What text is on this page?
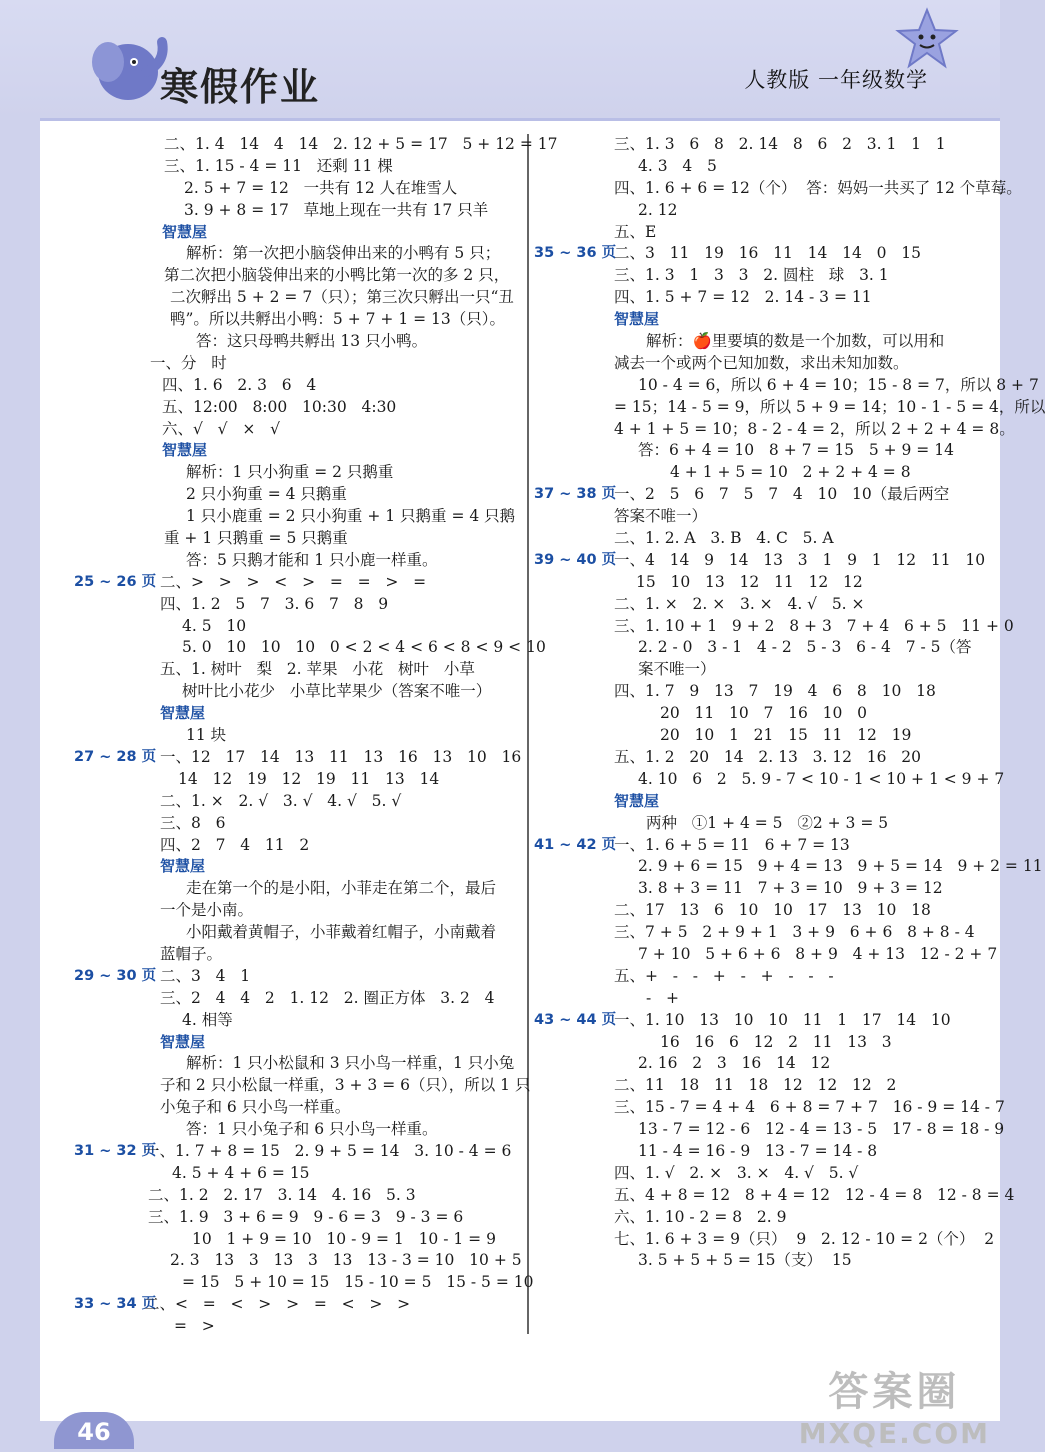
寒假作业	人教版 一年级数学
二、1. 4   14   4   14   2. 12 + 5 = 17   5 + 12 = 17
三、1. 15 - 4 = 11   还剩 11 棵
2. 5 + 7 = 12   一共有 12 人在堆雪人
3. 9 + 8 = 17   草地上现在一共有 17 只羊
智慧屋
解析：第一次把小脑袋伸出来的小鸭有 5 只；
第二次把小脑袋伸出来的小鸭比第一次的多 2 只，
二次孵出 5 + 2 = 7（只）；第三次只孵出一只“丑
鸭”。所以共孵出小鸭：5 + 7 + 1 = 13（只）。
答：这只母鸭共孵出 13 只小鸭。
一、分   时
四、1. 6   2. 3   6   4
五、12:00   8:00   10:30   4:30
六、√   √   ×   √
智慧屋
解析：1 只小狗重 = 2 只鹅重
2 只小狗重 = 4 只鹅重
1 只小鹿重 = 2 只小狗重 + 1 只鹅重 = 4 只鹅
重 + 1 只鹅重 = 5 只鹅重
答：5 只鹅才能和 1 只小鹿一样重。
25 ~ 26 页 二、>   >   >   <   >   =   =   >   =
四、1. 2   5   7   3. 6   7   8   9
4. 5   10
5. 0   10   10   10   0 < 2 < 4 < 6 < 8 < 9 < 10
五、1. 树叶   梨   2. 苹果   小花   树叶   小草
树叶比小花少   小草比苹果少（答案不唯一）
智慧屋
11 块
27 ~ 28 页 一、12   17   14   13   11   13   16   13   10   16
14   12   19   12   19   11   13   14
二、1. ×   2. √   3. √   4. √   5. √
三、8   6
四、2   7   4   11   2
智慧屋
走在第一个的是小阳，小菲走在第二个，最后
一个是小南。
小阳戴着黄帽子，小菲戴着红帽子，小南戴着
蓝帽子。
29 ~ 30 页 二、3   4   1
三、2   4   4   2   1. 12   2. 圈正方体   3. 2   4
4. 相等
智慧屋
解析：1 只小松鼠和 3 只小鸟一样重，1 只小兔
子和 2 只小松鼠一样重，3 + 3 = 6（只），所以 1 只
小兔子和 6 只小鸟一样重。
答：1 只小兔子和 6 只小鸟一样重。
31 ~ 32 页
一、1. 7 + 8 = 15   2. 9 + 5 = 14   3. 10 - 4 = 6
4. 5 + 4 + 6 = 15
二、1. 2   2. 17   3. 14   4. 16   5. 3
三、1. 9   3 + 6 = 9   9 - 6 = 3   9 - 3 = 6
10   1 + 9 = 10   10 - 9 = 1   10 - 1 = 9
2. 3   13   3   13   3   13   13 - 3 = 10   10 + 5
= 15   5 + 10 = 15   15 - 10 = 5   15 - 5 = 10
33 ~ 34 页
二、<   =   <   >   >   =   <   >   >
=   >
三、1. 3   6   8   2. 14   8   6   2   3. 1   1   1
4. 3   4   5
四、1. 6 + 6 = 12（个）  答：妈妈一共买了 12 个草莓。
2. 12
五、E
35 ~ 36 页
二、3   11   19   16   11   14   14   0   15
三、1. 3   1   3   3   2. 圆柱   球   3. 1
四、1. 5 + 7 = 12   2. 14 - 3 = 11
智慧屋
解析：🍎里要填的数是一个加数，可以用和
减去一个或两个已知加数，求出未知加数。
10 - 4 = 6，所以 6 + 4 = 10；15 - 8 = 7，所以 8 + 7
= 15；14 - 5 = 9，所以 5 + 9 = 14；10 - 1 - 5 = 4，所以
4 + 1 + 5 = 10；8 - 2 - 4 = 2，所以 2 + 2 + 4 = 8。
答：6 + 4 = 10   8 + 7 = 15   5 + 9 = 14
4 + 1 + 5 = 10   2 + 2 + 4 = 8
37 ~ 38 页
一、2   5   6   7   5   7   4   10   10（最后两空
答案不唯一）
二、1. 2. A   3. B   4. C   5. A
39 ~ 40 页
一、4   14   9   14   13   3   1   9   1   12   11   10
15   10   13   12   11   12   12
二、1. ×   2. ×   3. ×   4. √   5. ×
三、1. 10 + 1   9 + 2   8 + 3   7 + 4   6 + 5   11 + 0
2. 2 - 0   3 - 1   4 - 2   5 - 3   6 - 4   7 - 5（答
案不唯一）
四、1. 7   9   13   7   19   4   6   8   10   18
20   11   10   7   16   10   0
20   10   1   21   15   11   12   19
五、1. 2   20   14   2. 13   3. 12   16   20
4. 10   6   2   5. 9 - 7 < 10 - 1 < 10 + 1 < 9 + 7
智慧屋
两种   ①1 + 4 = 5   ②2 + 3 = 5
41 ~ 42 页
一、1. 6 + 5 = 11   6 + 7 = 13
2. 9 + 6 = 15   9 + 4 = 13   9 + 5 = 14   9 + 2 = 11
3. 8 + 3 = 11   7 + 3 = 10   9 + 3 = 12
二、17   13   6   10   10   17   13   10   18
三、7 + 5   2 + 9 + 1   3 + 9   6 + 6   8 + 8 - 4
7 + 10   5 + 6 + 6   8 + 9   4 + 13   12 - 2 + 7
五、+   -   -   +   -   +   -   -   -
-   +
43 ~ 44 页
一、1. 10   13   10   10   11   1   17   14   10
16   16   6   12   2   11   13   3
2. 16   2   3   16   14   12
二、11   18   11   18   12   12   12   2
三、15 - 7 = 4 + 4   6 + 8 = 7 + 7   16 - 9 = 14 - 7
13 - 7 = 12 - 6   12 - 4 = 13 - 5   17 - 8 = 18 - 9
11 - 4 = 16 - 9   13 - 7 = 14 - 8
四、1. √   2. ×   3. ×   4. √   5. √
五、4 + 8 = 12   8 + 4 = 12   12 - 4 = 8   12 - 8 = 4
六、1. 10 - 2 = 8   2. 9
七、1. 6 + 3 = 9（只）  9   2. 12 - 10 = 2（个）  2
3. 5 + 5 + 5 = 15（支）  15
46
答案圈
MXQE.COM
